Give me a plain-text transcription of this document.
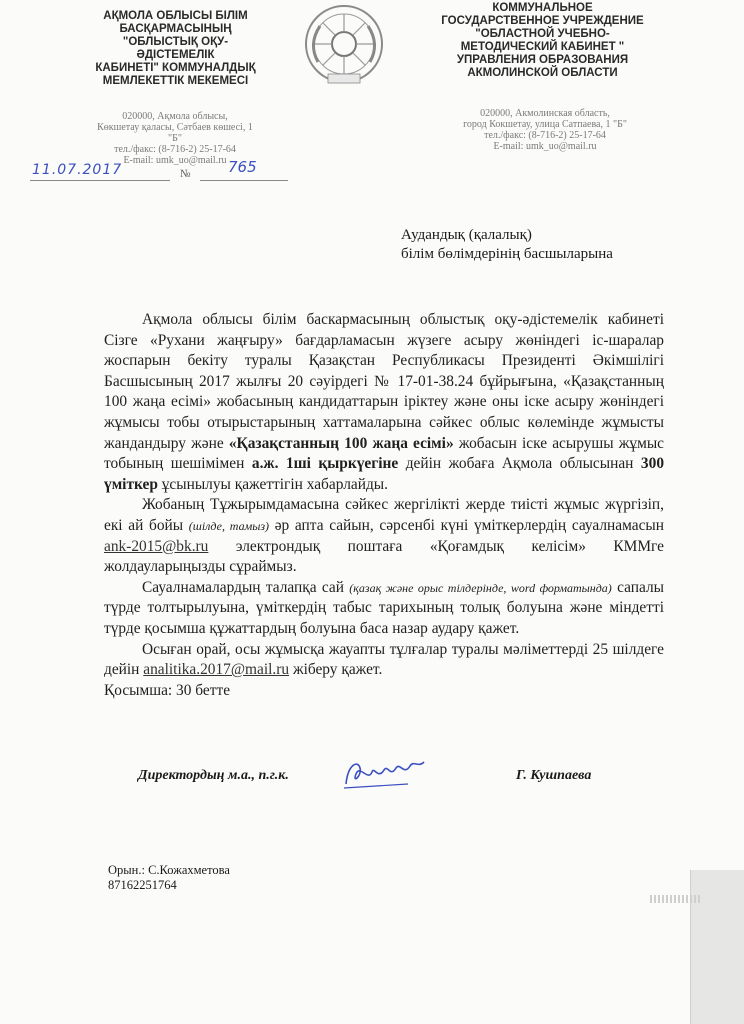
АҚМОЛА ОБЛЫСЫ БІЛІМ
БАСҚАРМАСЫНЫҢ
"ОБЛЫСТЫҚ ОҚУ-
ӘДІСТЕМЕЛІК
КАБИНЕТІ" КОММУНАЛДЫҚ
МЕМЛЕКЕТТІК МЕКЕМЕСІ
020000, Ақмола облысы,
Көкшетау қаласы, Сәтбаев көшесі, 1 "Б"
тел./факс: (8-716-2) 25-17-64
E-mail: umk_uo@mail.ru
КОММУНАЛЬНОЕ
ГОСУДАРСТВЕННОЕ УЧРЕЖДЕНИЕ
"ОБЛАСТНОЙ УЧЕБНО-
МЕТОДИЧЕСКИЙ КАБИНЕТ "
УПРАВЛЕНИЯ ОБРАЗОВАНИЯ
АКМОЛИНСКОЙ ОБЛАСТИ
020000, Акмолинская область,
город Кокшетау, улица Сатпаева, 1 "Б"
тел./факс: (8-716-2) 25-17-64
E-mail: umk_uo@mail.ru
11.07.2017	№	765
Аудандық (қалалық)
білім бөлімдерінің басшыларына

Ақмола облысы білім баскармасының облыстық оқу-әдістемелік кабинеті Сізге «Рухани жаңғыру» бағдарламасын жүзеге асыру жөніндегі іс-шаралар жоспарын бекіту туралы Қазақстан Республикасы Президенті Әкімшілігі Басшысының 2017 жылғы 20 сәуірдегі № 17-01-38.24 бұйрығына, «Қазақстанның 100 жаңа есімі» жобасының кандидаттарын іріктеу және оны іске асыру жөніндегі жұмысы тобы отырыстарының хаттамаларына сәйкес облыс көлемінде жұмысты жандандыру және «Қазақстанның 100 жаңа есімі» жобасын іске асырушы жұмыс тобының шешімімен а.ж. 1ші қыркүегіне дейін жобаға Ақмола облысынан 300 үміткер ұсынылуы қажеттігін хабарлайды.

Жобаның Тұжырымдамасына сәйкес жергілікті жерде тиісті жұмыс жүргізіп, екі ай бойы (шілде, тамыз) әр апта сайын, сәрсенбі күні үміткерлердің сауалнамасын ank-2015@bk.ru электрондық поштаға «Қоғамдық келісім» КММге жолдауларыңызды сұраймыз.

Сауалнамалардың талапқа сай (қазақ және орыс тілдерінде, word форматында) сапалы түрде толтырылуына, үміткердің табыс тарихының толық болуына және міндетті түрде қосымша құжаттардың болуына баса назар аудару қажет.

Осыған орай, осы жұмысқа жауапты тұлғалар туралы мәліметтерді 25 шілдеге дейін analitika.2017@mail.ru жіберу қажет.

Қосымша: 30 бетте

Директордың м.а., п.г.к.	Г. Кушпаева
Орын.: С.Кожахметова
87162251764
